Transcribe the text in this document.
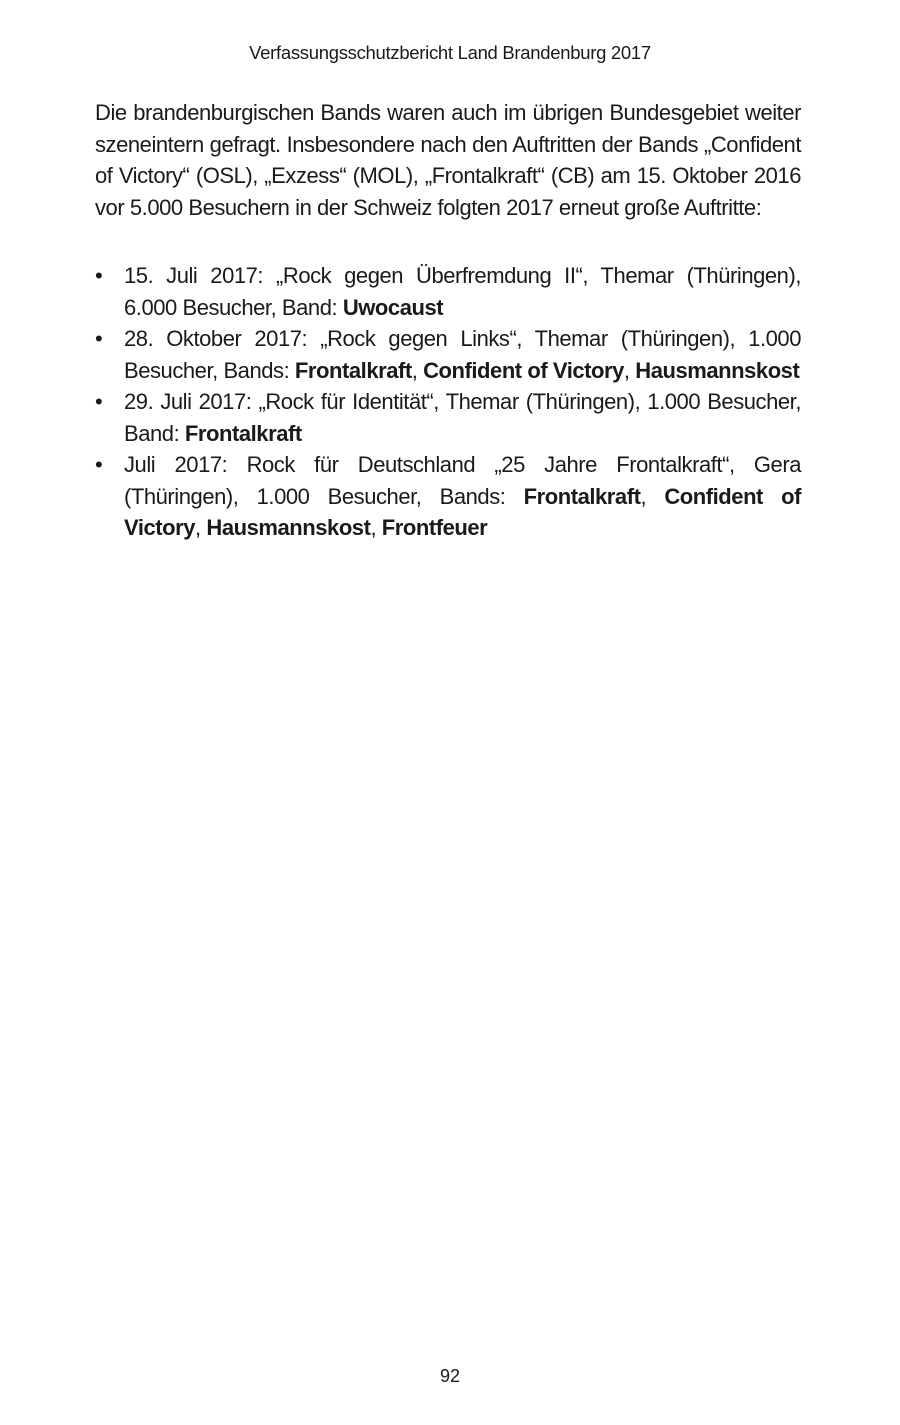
Verfassungsschutzbericht Land Brandenburg 2017

Die brandenburgischen Bands waren auch im übrigen Bundesgebiet weiter szeneintern gefragt. Insbesondere nach den Auftritten der Bands „Confident of Victory“ (OSL), „Exzess“ (MOL), „Frontalkraft“ (CB) am 15. Oktober 2016 vor 5.000 Besuchern in der Schweiz folgten 2017 erneut große Auftritte:

• 15. Juli 2017: „Rock gegen Überfremdung II“, Themar (Thüringen), 6.000 Besucher, Band: Uwocaust
• 28. Oktober 2017: „Rock gegen Links“, Themar (Thüringen), 1.000 Besucher, Bands: Frontalkraft, Confident of Victory, Hausmannskost
• 29. Juli 2017: „Rock für Identität“, Themar (Thüringen), 1.000 Besucher, Band: Frontalkraft
• Juli 2017: Rock für Deutschland „25 Jahre Frontalkraft“, Gera (Thüringen), 1.000 Besucher, Bands: Frontalkraft, Confident of Victory, Hausmannskost, Frontfeuer
92
